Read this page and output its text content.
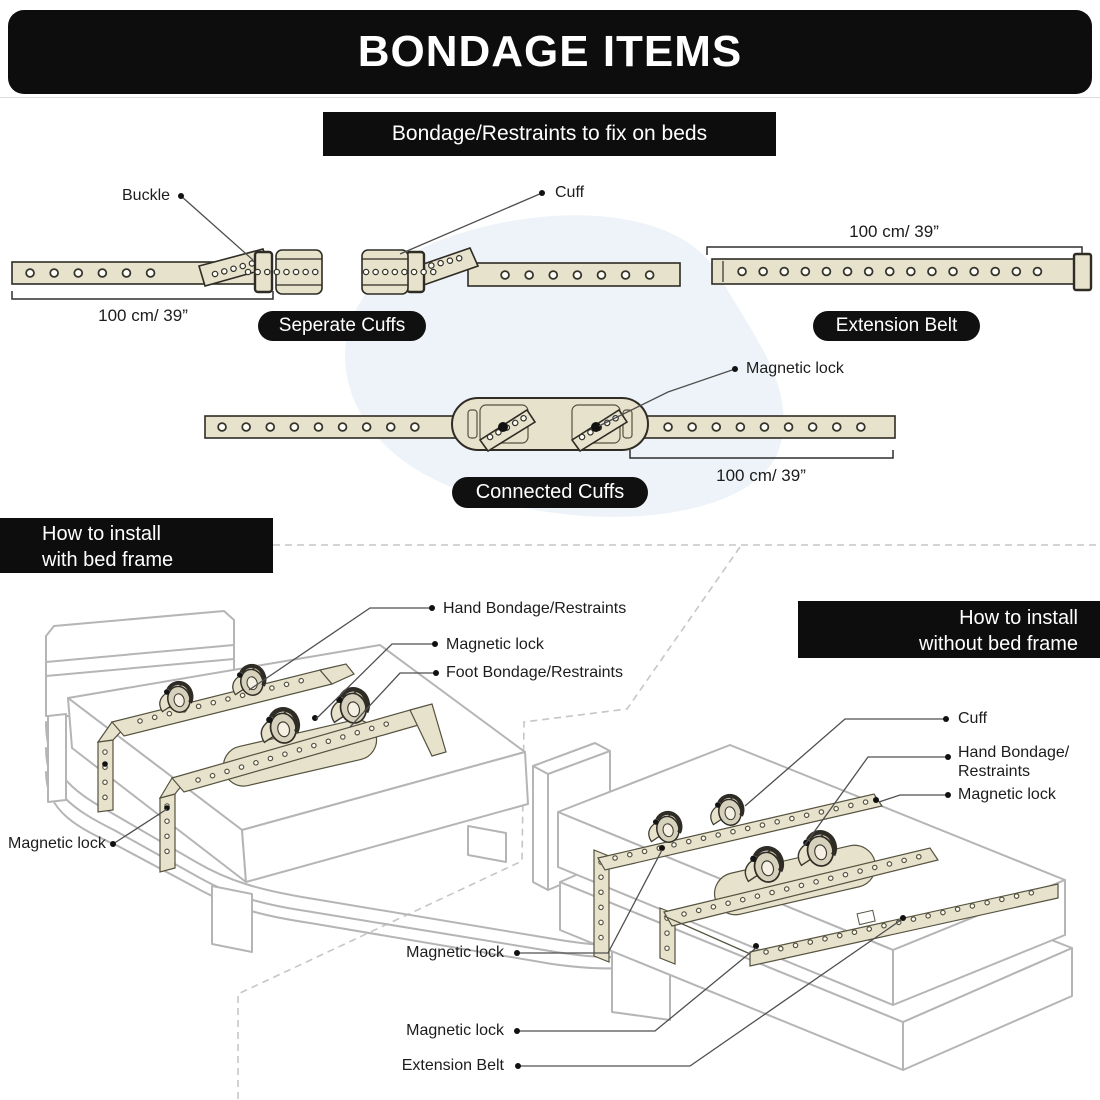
BONDAGE ITEMS
Bondage/Restraints to fix on beds
Buckle	Cuff
100 cm/ 39”
100 cm/ 39”
100 cm/ 39”
Magnetic lock
Seperate Cuffs	Extension Belt
Connected Cuffs
How to install
with bed frame
How to install
without bed frame
Hand Bondage/Restraints
Magnetic lock
Foot Bondage/Restraints
Magnetic lock
Cuff
Hand Bondage/
Restraints
Magnetic lock
Magnetic lock
Magnetic lock
Extension Belt
